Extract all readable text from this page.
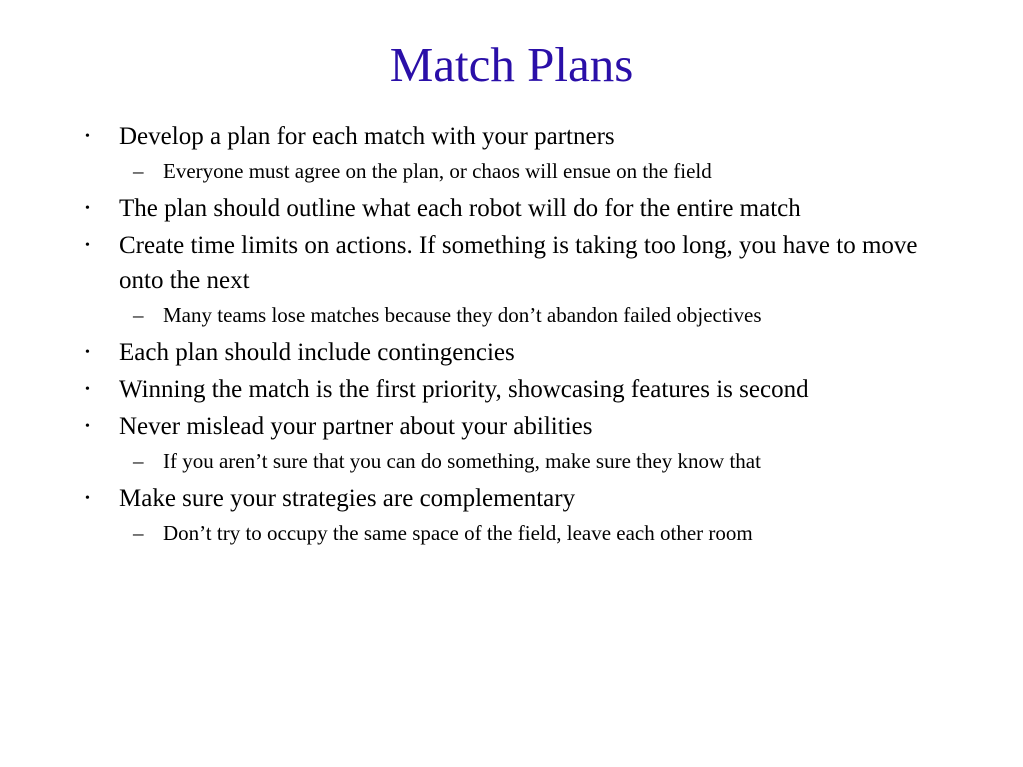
Match Plans
• Develop a plan for each match with your partners
– Everyone must agree on the plan, or chaos will ensue on the field
• The plan should outline what each robot will do for the entire match
• Create time limits on actions. If something is taking too long, you have to move onto the next
– Many teams lose matches because they don’t abandon failed objectives
• Each plan should include contingencies
• Winning the match is the first priority, showcasing features is second
• Never mislead your partner about your abilities
– If you aren’t sure that you can do something, make sure they know that
• Make sure your strategies are complementary
– Don’t try to occupy the same space of the field, leave each other room
